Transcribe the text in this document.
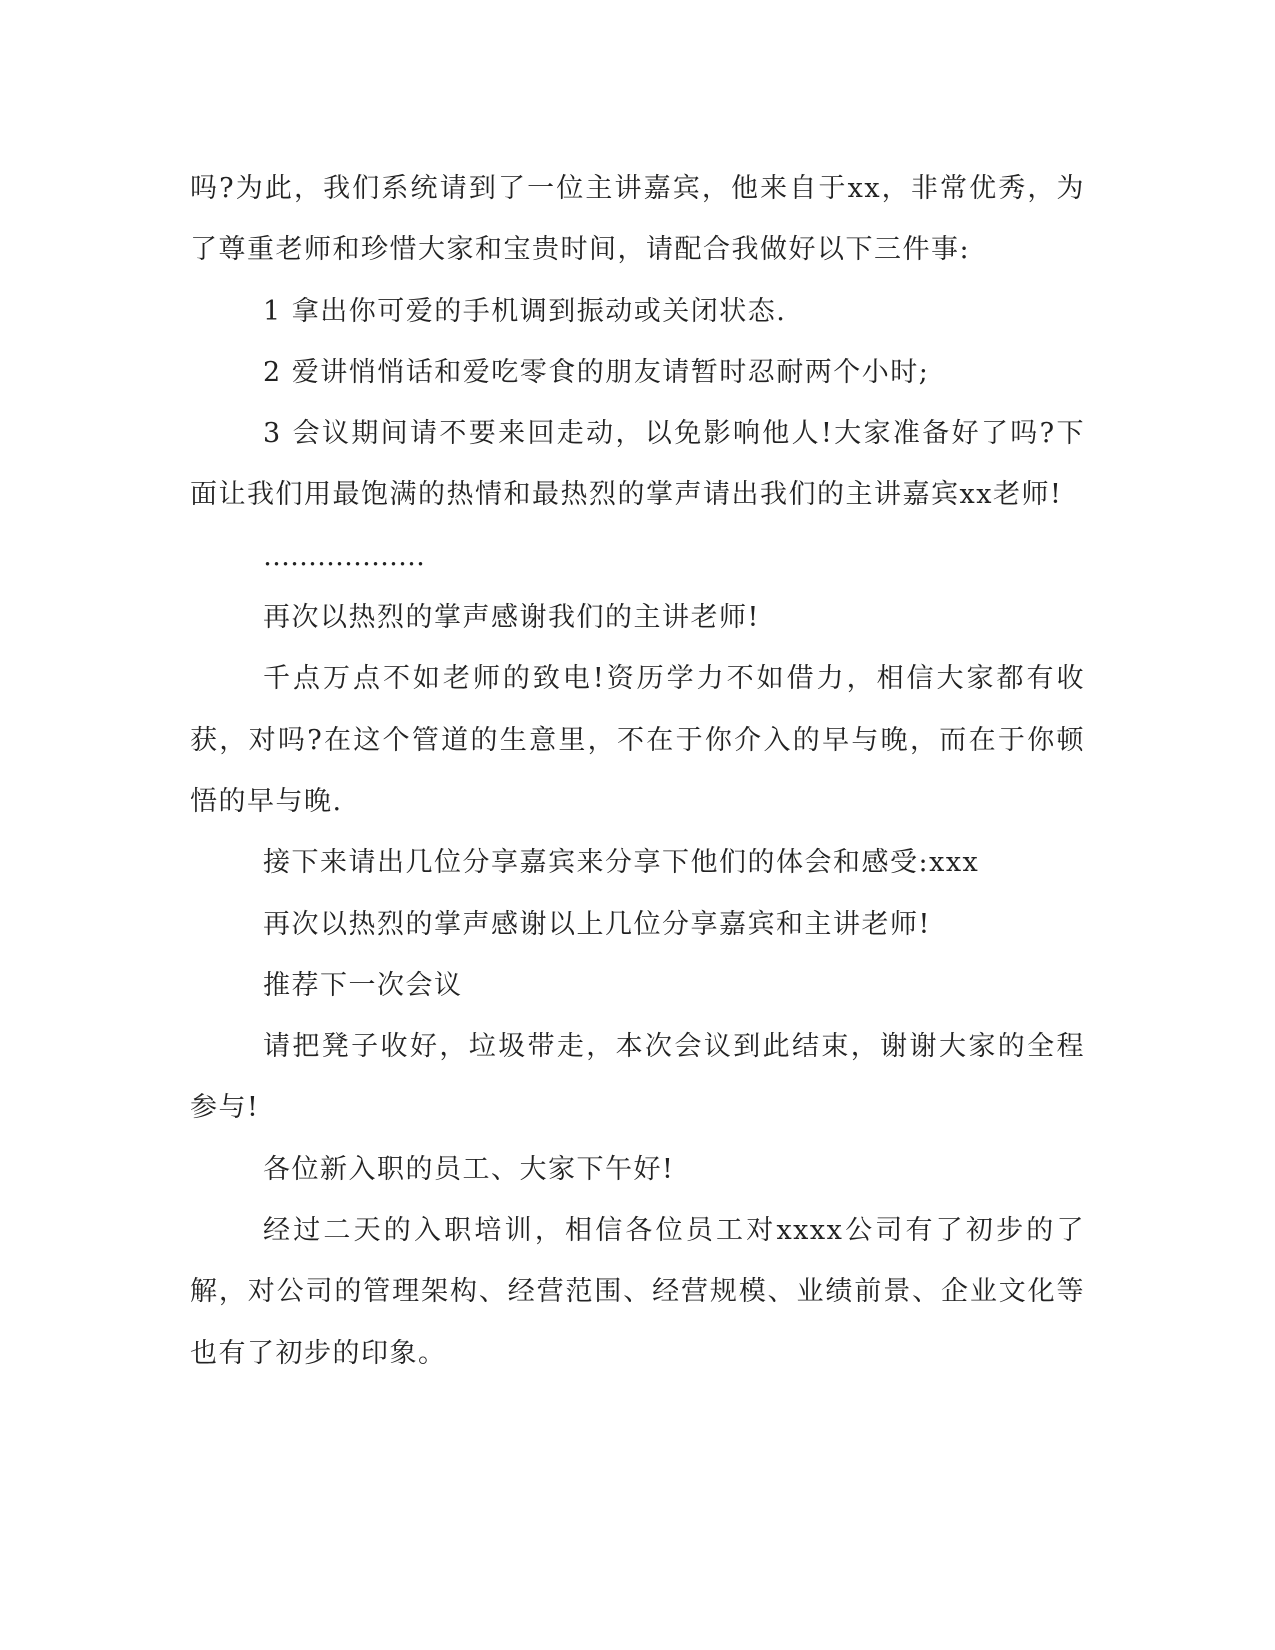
吗?为此，我们系统请到了一位主讲嘉宾，他来自于xx，非常优秀，为了尊重老师和珍惜大家和宝贵时间，请配合我做好以下三件事:

1 拿出你可爱的手机调到振动或关闭状态.

2 爱讲悄悄话和爱吃零食的朋友请暂时忍耐两个小时;

3 会议期间请不要来回走动，以免影响他人!大家准备好了吗?下面让我们用最饱满的热情和最热烈的掌声请出我们的主讲嘉宾xx老师!

………………

再次以热烈的掌声感谢我们的主讲老师!

千点万点不如老师的致电!资历学力不如借力，相信大家都有收获，对吗?在这个管道的生意里，不在于你介入的早与晚，而在于你顿悟的早与晚.

接下来请出几位分享嘉宾来分享下他们的体会和感受:xxx

再次以热烈的掌声感谢以上几位分享嘉宾和主讲老师!

推荐下一次会议

请把凳子收好，垃圾带走，本次会议到此结束，谢谢大家的全程参与!

各位新入职的员工、大家下午好!

经过二天的入职培训，相信各位员工对xxxx公司有了初步的了解，对公司的管理架构、经营范围、经营规模、业绩前景、企业文化等也有了初步的印象。
